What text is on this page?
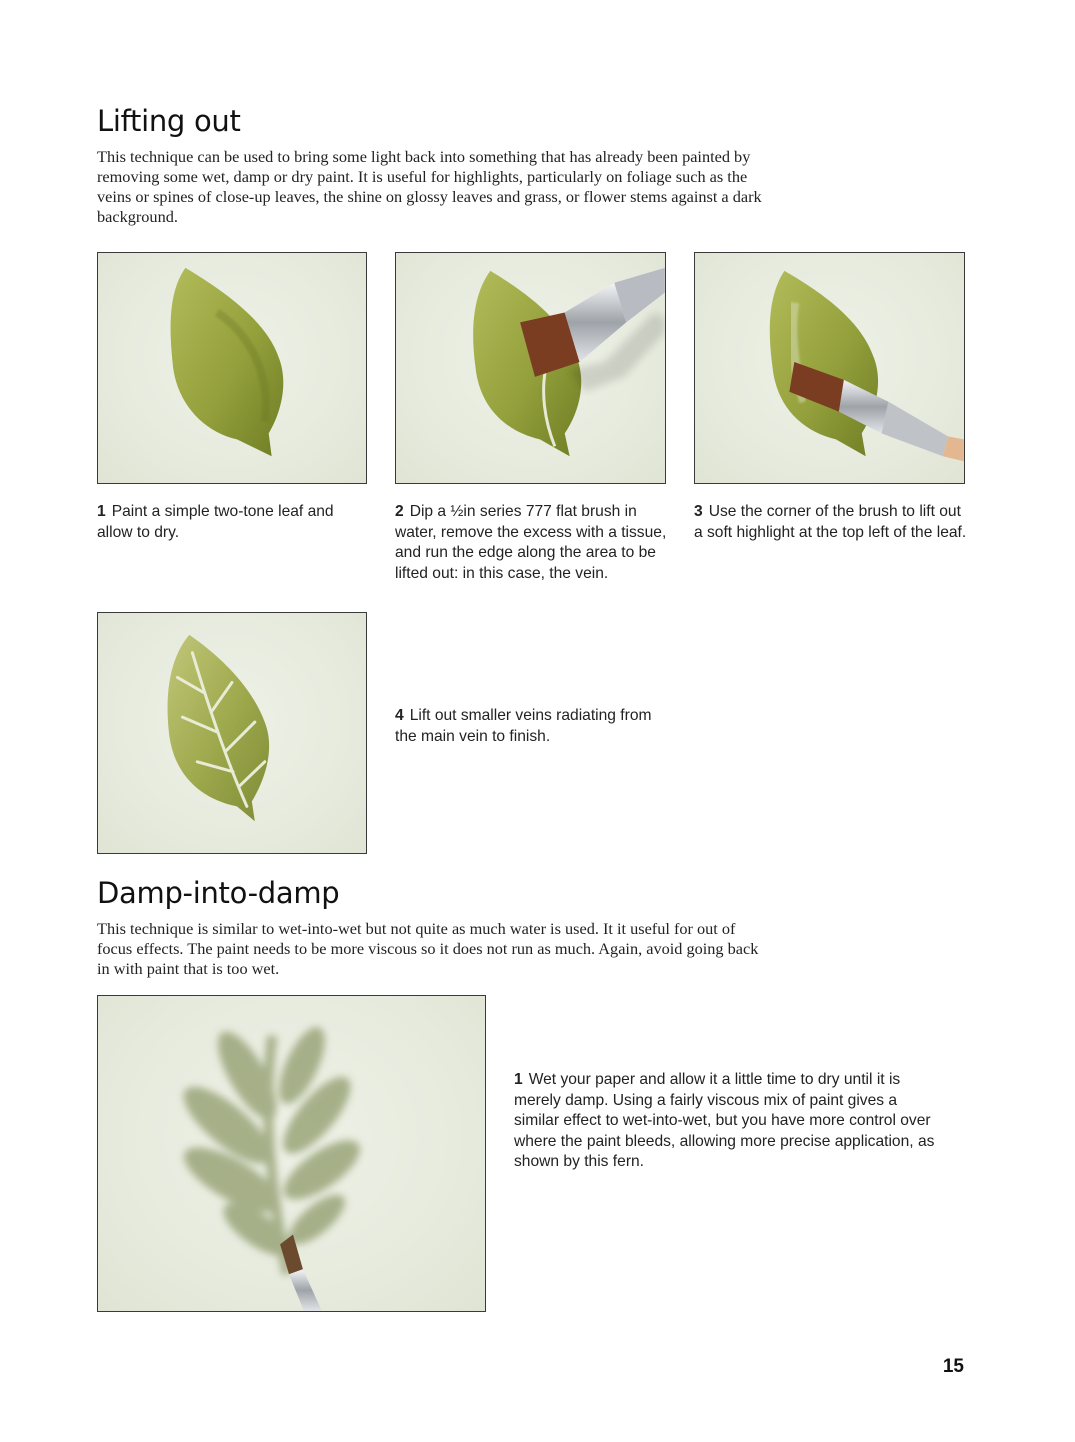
Lifting out

This technique can be used to bring some light back into something that has already been painted by removing some wet, damp or dry paint. It is useful for highlights, particularly on foliage such as the veins or spines of close-up leaves, the shine on glossy leaves and grass, or flower stems against a dark background.

1 Paint a simple two-tone leaf and allow to dry.

2 Dip a ½in series 777 flat brush in water, remove the excess with a tissue, and run the edge along the area to be lifted out: in this case, the vein.

3 Use the corner of the brush to lift out a soft highlight at the top left of the leaf.

4 Lift out smaller veins radiating from the main vein to finish.

Damp-into-damp

This technique is similar to wet-into-wet but not quite as much water is used. It it useful for out of focus effects. The paint needs to be more viscous so it does not run as much. Again, avoid going back in with paint that is too wet.

1 Wet your paper and allow it a little time to dry until it is merely damp. Using a fairly viscous mix of paint gives a similar effect to wet-into-wet, but you have more control over where the paint bleeds, allowing more precise application, as shown by this fern.

15
